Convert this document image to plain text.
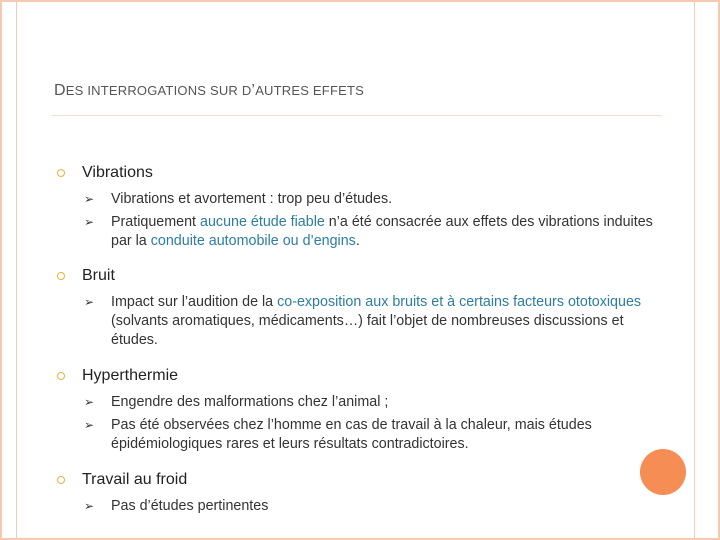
DES INTERROGATIONS SUR D’AUTRES EFFETS
Vibrations
➢ Vibrations et avortement : trop peu d’études.
➢ Pratiquement aucune étude fiable n’a été consacrée aux effets des vibrations induites par la conduite automobile ou d’engins.
Bruit
➢ Impact sur l’audition de la co-exposition aux bruits et à certains facteurs ototoxiques (solvants aromatiques, médicaments…) fait l’objet de nombreuses discussions et études.
Hyperthermie
➢ Engendre des malformations chez l’animal ;
➢ Pas été observées chez l’homme en cas de travail à la chaleur, mais études épidémiologiques rares et leurs résultats contradictoires.
Travail au froid
➢ Pas d’études pertinentes
